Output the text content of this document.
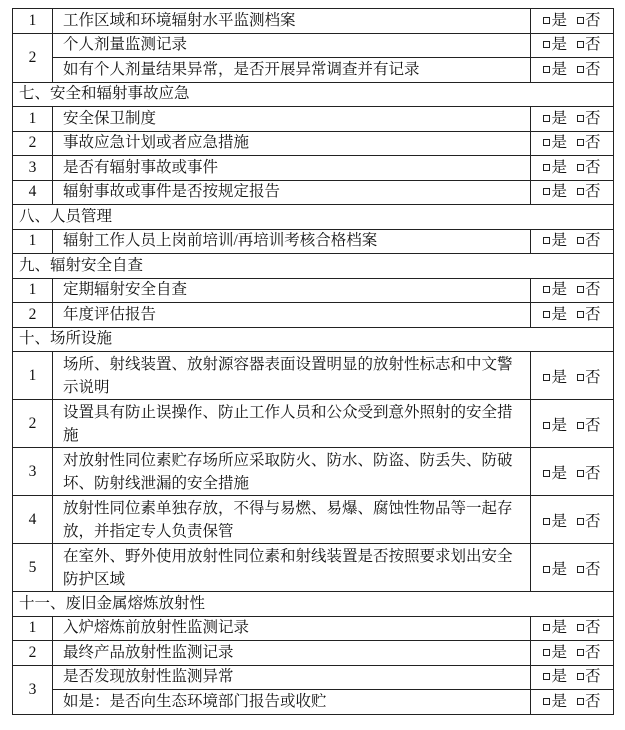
1	工作区域和环境辐射水平监测档案	是 否
2	个人剂量监测记录	是 否
	如有个人剂量结果异常，是否开展异常调查并有记录	是 否
七、安全和辐射事故应急		
1	安全保卫制度	是 否
2	事故应急计划或者应急措施	是 否
3	是否有辐射事故或事件	是 否
4	辐射事故或事件是否按规定报告	是 否
八、人员管理		
1	辐射工作人员上岗前培训/再培训考核合格档案	是 否
九、辐射安全自查		
1	定期辐射安全自查	是 否
2	年度评估报告	是 否
十、场所设施		
1	场所、射线装置、放射源容器表面设置明显的放射性标志和中文警示说明	是 否
2	设置具有防止误操作、防止工作人员和公众受到意外照射的安全措施	是 否
3	对放射性同位素贮存场所应采取防火、防水、防盗、防丢失、防破坏、防射线泄漏的安全措施	是 否
4	放射性同位素单独存放，不得与易燃、易爆、腐蚀性物品等一起存放，并指定专人负责保管	是 否
5	在室外、野外使用放射性同位素和射线装置是否按照要求划出安全防护区域	是 否
十一、废旧金属熔炼放射性		
1	入炉熔炼前放射性监测记录	是 否
2	最终产品放射性监测记录	是 否
3	是否发现放射性监测异常	是 否
	如是：是否向生态环境部门报告或收贮	是 否
